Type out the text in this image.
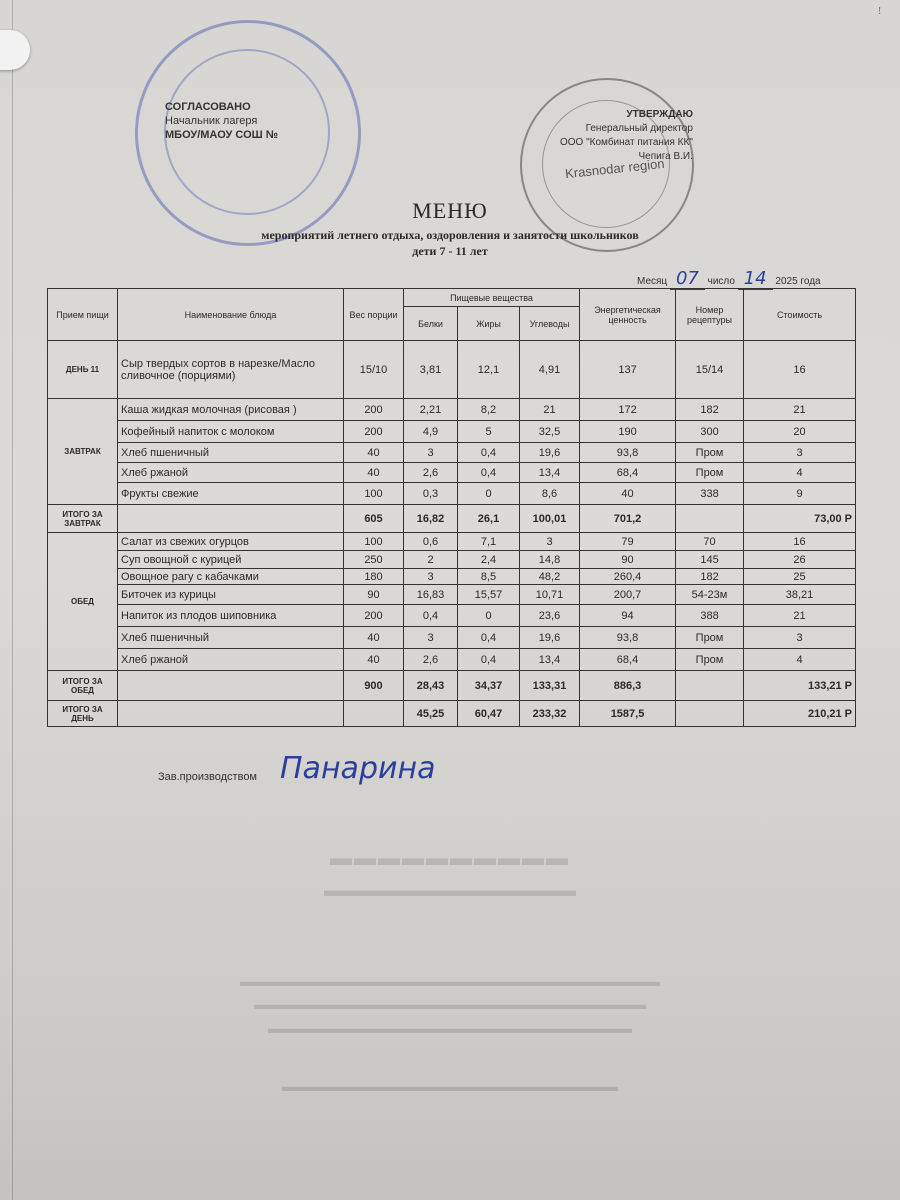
!
Krasnodar region
СОГЛАСОВАНО
Начальник лагеря
МБОУ/МАОУ СОШ №
УТВЕРЖДАЮ
Генеральный директор
ООО "Комбинат питания КК"
Чепига В.И.
МЕНЮ
мероприятий летнего отдыха, оздоровления и занятости школьников
дети 7 - 11 лет
Месяц 07 число 14 2025 года
Прием пищи	Наименование блюда	Вес порции	Пищевые вещества			Энергетическая ценность	Номер рецептуры	Стоимость
			Белки	Жиры	Углеводы			
ДЕНЬ 11	Сыр твердых сортов в нарезке/Масло сливочное (порциями)	15/10	3,81	12,1	4,91	137	15/14	16
ЗАВТРАК	Каша жидкая молочная (рисовая )	200	2,21	8,2	21	172	182	21
	Кофейный напиток с молоком	200	4,9	5	32,5	190	300	20
	Хлеб пшеничный	40	3	0,4	19,6	93,8	Пром	3
	Хлеб ржаной	40	2,6	0,4	13,4	68,4	Пром	4
	Фрукты свежие	100	0,3	0	8,6	40	338	9
ИТОГО ЗА ЗАВТРАК		605	16,82	26,1	100,01	701,2		73,00 Р
ОБЕД	Салат из свежих огурцов	100	0,6	7,1	3	79	70	16
	Суп овощной с курицей	250	2	2,4	14,8	90	145	26
	Овощное рагу с кабачками	180	3	8,5	48,2	260,4	182	25
	Биточек из курицы	90	16,83	15,57	10,71	200,7	54-23м	38,21
	Напиток из плодов шиповника	200	0,4	0	23,6	94	388	21
	Хлеб пшеничный	40	3	0,4	19,6	93,8	Пром	3
	Хлеб ржаной	40	2,6	0,4	13,4	68,4	Пром	4
ИТОГО ЗА ОБЕД		900	28,43	34,37	133,31	886,3		133,21 Р
ИТОГО ЗА ДЕНЬ			45,25	60,47	233,32	1587,5		210,21 Р
Зав.производством Панарина
▬▬▬▬▬▬▬▬▬▬
▬▬▬▬▬▬▬▬▬▬▬▬▬▬
▬▬▬▬▬▬▬▬▬▬▬▬▬▬▬▬▬▬▬▬▬▬▬▬▬▬▬▬▬▬
▬▬▬▬▬▬▬▬▬▬▬▬▬▬▬▬▬▬▬▬▬▬▬▬▬▬▬▬
▬▬▬▬▬▬▬▬▬▬▬▬▬▬▬▬▬▬▬▬▬▬▬▬▬▬
▬▬▬▬▬▬▬▬▬▬▬▬▬▬▬▬▬▬▬▬▬▬▬▬
